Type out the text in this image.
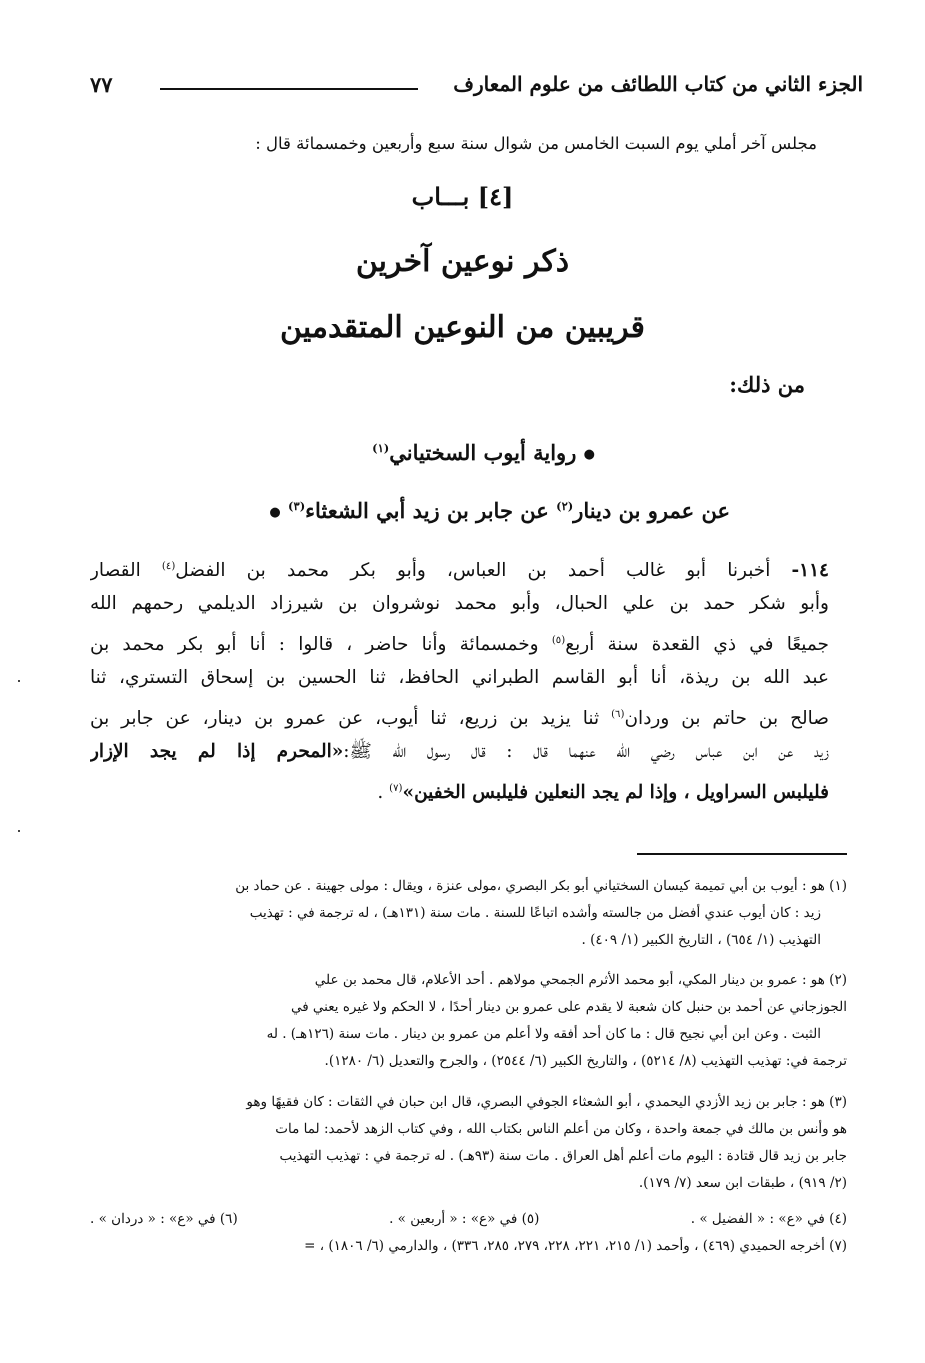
الجزء الثاني من كتاب اللطائف من علوم المعارف
٧٧
مجلس آخر أملي يوم السبت الخامس من شوال سنة سبع وأربعين وخمسمائة قال :
[٤] بـــاب
ذكر نوعين آخرين
قريبين من النوعين المتقدمين
من ذلك:
● رواية أيوب السختياني$^{(١)}$
عن عمرو بن دينار$^{(٢)}$ عن جابر بن زيد أبي الشعثاء$^{(٣)}$ ●
١١٤- أخبرنا أبو غالب أحمد بن العباس، وأبو بكر محمد بن الفضل$^{(٤)}$ القصار
وأبو شكر حمد بن علي الحبال، وأبو محمد نوشروان بن شيرزاد الديلمي رحمهم الله
جميعًا في ذي القعدة سنة أربع$^{(٥)}$ وخمسمائة وأنا حاضر ، قالوا : أنا أبو بكر محمد بن
عبد الله بن ريذة، أنا أبو القاسم الطبراني الحافظ، ثنا الحسين بن إسحاق التستري، ثنا
صالح بن حاتم بن وردان$^{(٦)}$ ثنا يزيد بن زريع، ثنا أيوب، عن عمرو بن دينار، عن جابر بن
زيد عن ابن عباس رضي الله عنهما قال : قال رسول الله ﷺ:«المحرم إذا لم يجد الإزار
فليلبس السراويل ، وإذا لم يجد النعلين فليلبس الخفين»$^{(٧)}$ .
(١) هو : أيوب بن أبي تميمة كيسان السختياني أبو بكر البصري ،مولى عنزة ، ويقال : مولى جهينة . عن حماد بن
زيد : كان أيوب عندي أفضل من جالسته وأشده اتباعًا للسنة . مات سنة (١٣١هـ) ، له ترجمة في : تهذيب
التهذيب (١/ ٦٥٤) ، التاريخ الكبير (١/ ٤٠٩) .
(٢) هو : عمرو بن دينار المكي، أبو محمد الأثرم الجمحي مولاهم . أحد الأعلام، قال محمد بن علي
الجوزجاني عن أحمد بن حنبل كان شعبة لا يقدم على عمرو بن دينار أحدًا ، لا الحكم ولا غيره يعني في
الثبت . وعن ابن أبي نجيح قال : ما كان أحد أفقه ولا أعلم من عمرو بن دينار . مات سنة (١٢٦هـ) . له
ترجمة في: تهذيب التهذيب (٨/ ٥٢١٤) ، والتاريخ الكبير (٦/ ٢٥٤٤) ، والجرح والتعديل (٦/ ١٢٨٠).
(٣) هو : جابر بن زيد الأزدي اليحمدي ، أبو الشعثاء الجوفي البصري، قال ابن حبان في الثقات : كان فقيهًا وهو
هو وأنس بن مالك في جمعة واحدة ، وكان من أعلم الناس بكتاب الله ، وفي كتاب الزهد لأحمد: لما مات
جابر بن زيد قال قتادة : اليوم مات أعلم أهل العراق . مات سنة (٩٣هـ) . له ترجمة في : تهذيب التهذيب
(٢/ ٩١٩) ، طبقات ابن سعد (٧/ ١٧٩).
(٤) في «ع» : « الفضيل » .
(٥) في «ع» : « أربعين » .
(٦) في «ع» : « دردان » .
(٧) أخرجه الحميدي (٤٦٩) ، وأحمد (١/ ٢١٥، ٢٢١، ٢٢٨، ٢٧٩، ٢٨٥، ٣٣٦) ، والدارمي (٦/ ١٨٠٦) ، =
